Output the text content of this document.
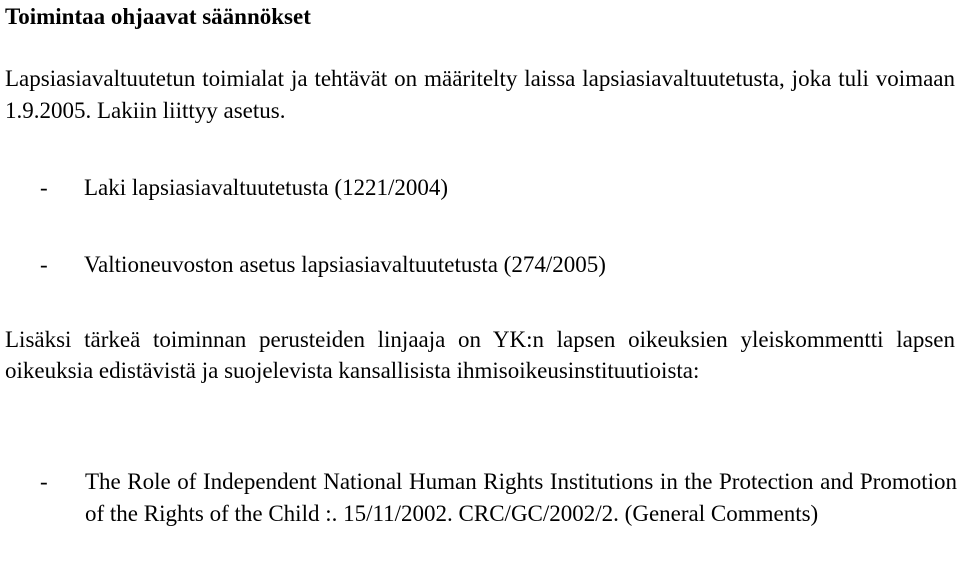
Toimintaa ohjaavat säännökset

Lapsiasiavaltuutetun toimialat ja tehtävät on määritelty laissa lapsiasiavaltuutetusta, joka tuli voimaan 1.9.2005. Lakiin liittyy asetus.

- Laki lapsiasiavaltuutetusta (1221/2004)
- Valtioneuvoston asetus lapsiasiavaltuutetusta (274/2005)

Lisäksi tärkeä toiminnan perusteiden linjaaja on YK:n lapsen oikeuksien yleiskommentti lapsen oikeuksia edistävistä ja suojelevista kansallisista ihmisoikeusinstituutioista:

- The Role of Independent National Human Rights Institutions in the Protection and Promotion of the Rights of the Child :. 15/11/2002. CRC/GC/2002/2. (General Comments)
